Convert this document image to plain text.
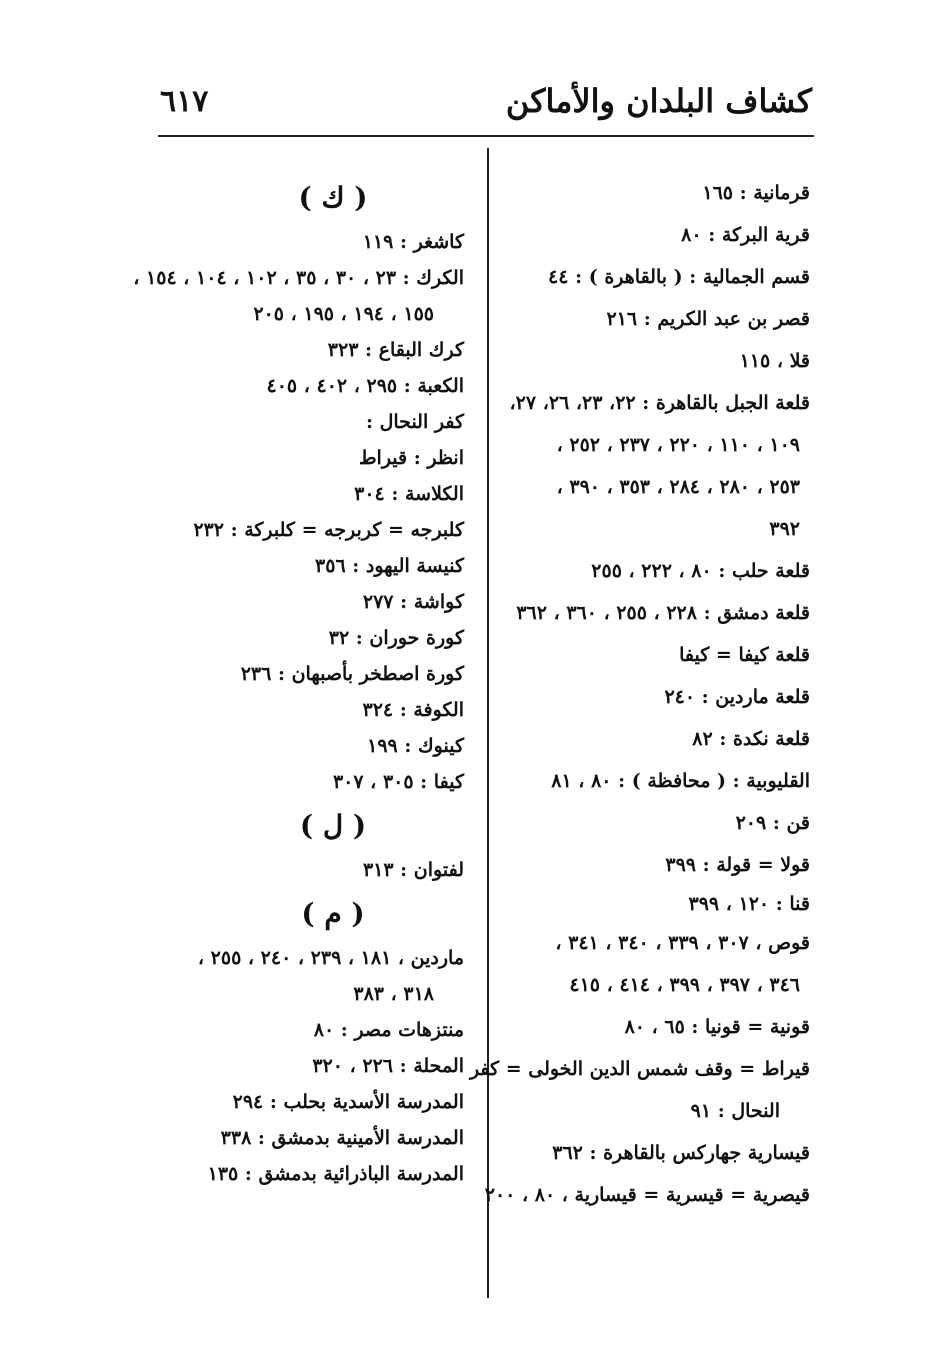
٦١٧	كشاف البلدان والأماكن
قرمانية : ١٦٥
قرية البركة : ٨٠
قسم الجمالية : ( بالقاهرة ) : ٤٤
قصر بن عبد الكريم : ٢١٦
قلا ، ١١٥
قلعة الجبل بالقاهرة : ٢٢، ٢٣، ٢٦، ٢٧،
١٠٩ ، ١١٠ ، ٢٢٠ ، ٢٣٧ ، ٢٥٢ ،
٢٥٣ ، ٢٨٠ ، ٢٨٤ ، ٣٥٣ ، ٣٩٠ ،
٣٩٢
قلعة حلب : ٨٠ ، ٢٢٢ ، ٢٥٥
قلعة دمشق : ٢٢٨ ، ٢٥٥ ، ٣٦٠ ، ٣٦٢
قلعة كيفا = كيفا
قلعة ماردين : ٢٤٠
قلعة نكدة : ٨٢
القليوبية : ( محافظة ) : ٨٠ ، ٨١
قن : ٢٠٩
قولا = قولة : ٣٩٩
قنا : ١٢٠ ، ٣٩٩
قوص ، ٣٠٧ ، ٣٣٩ ، ٣٤٠ ، ٣٤١ ،
٣٤٦ ، ٣٩٧ ، ٣٩٩ ، ٤١٤ ، ٤١٥
قونية = قونيا : ٦٥ ، ٨٠
قيراط = وقف شمس الدين الخولى = كفر
النحال : ٩١
قيسارية جهاركس بالقاهرة : ٣٦٢
قيصرية = قيسرية = قيسارية ، ٨٠ ، ٢٠٠
( ك )
كاشغر : ١١٩
الكرك : ٢٣ ، ٣٠ ، ٣٥ ، ١٠٢ ، ١٠٤ ، ١٥٤ ،
١٥٥ ، ١٩٤ ، ١٩٥ ، ٢٠٥
كرك البقاع : ٣٢٣
الكعبة : ٢٩٥ ، ٤٠٢ ، ٤٠٥
كفر النحال :
انظر : قيراط
الكلاسة : ٣٠٤
كلبرجه = كربرجه = كلبركة : ٢٣٢
كنيسة اليهود : ٣٥٦
كواشة : ٢٧٧
كورة حوران : ٣٢
كورة اصطخر بأصبهان : ٢٣٦
الكوفة : ٣٢٤
كينوك : ١٩٩
كيفا : ٣٠٥ ، ٣٠٧
( ل )
لفتوان : ٣١٣
( م )
ماردين ، ١٨١ ، ٢٣٩ ، ٢٤٠ ، ٢٥٥ ،
٣١٨ ، ٣٨٣
منتزهات مصر : ٨٠
المحلة : ٢٢٦ ، ٣٢٠
المدرسة الأسدية بحلب : ٢٩٤
المدرسة الأمينية بدمشق : ٣٣٨
المدرسة الباذرائية بدمشق : ١٣٥
